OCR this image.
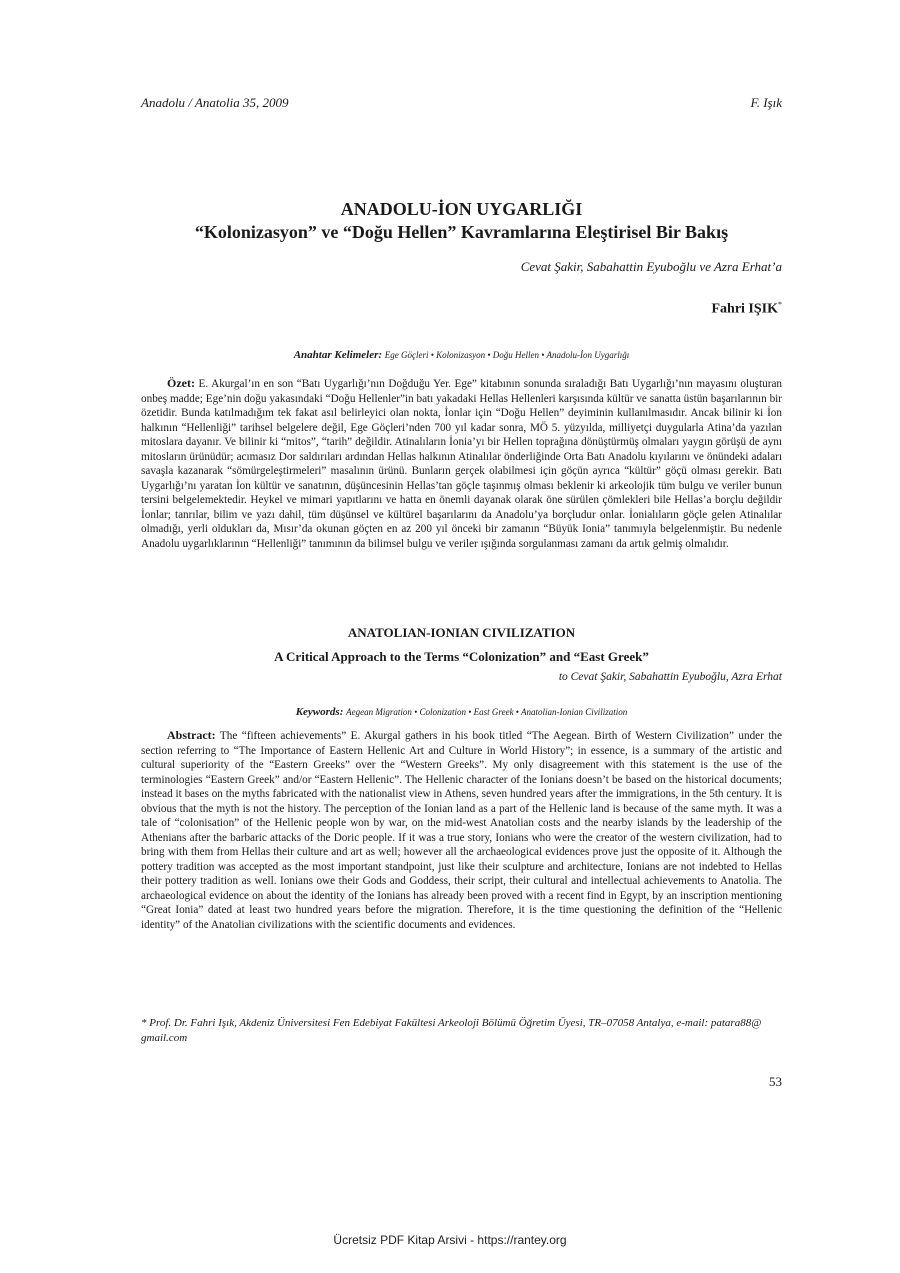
Anadolu / Anatolia 35, 2009	F. Işık

ANADOLU-İON UYGARLIĞI

“Kolonizasyon” ve “Doğu Hellen” Kavramlarına Eleştirisel Bir Bakış

Cevat Şakir, Sabahattin Eyuboğlu ve Azra Erhat’a
Fahri IŞIK*
Anahtar Kelimeler: Ege Göçleri • Kolonizasyon • Doğu Hellen • Anadolu-İon Uygarlığı

Özet: E. Akurgal’ın en son “Batı Uygarlığı’nın Doğduğu Yer. Ege” kitabının sonunda sıraladığı Batı Uygarlığı’nın mayasını oluşturan onbeş madde; Ege’nin doğu yakasındaki “Doğu Hellenler”in batı yakadaki Hellas Hellenleri karşısında kültür ve sanatta üstün başarılarının bir özetidir. Bunda katılmadığım tek fakat asıl belirleyici olan nokta, İonlar için “Doğu Hellen” deyiminin kullanılmasıdır. Ancak bilinir ki İon halkının “Hellenliği” tarihsel belgelere değil, Ege Göçleri’nden 700 yıl kadar sonra, MÖ 5. yüzyılda, milliyetçi duygularla Atina’da yazılan mitoslara dayanır. Ve bilinir ki “mitos”, “tarih” değildir. Atinalıların İonia’yı bir Hellen toprağına dönüştürmüş olmaları yaygın görüşü de aynı mitosların ürünüdür; acımasız Dor saldırıları ardından Hellas halkının Atinalılar önderliğinde Orta Batı Anadolu kıyılarını ve önündeki adaları savaşla kazanarak “sömürgeleştirmeleri” masalının ürünü. Bunların gerçek olabilmesi için göçün ayrıca “kültür” göçü olması gerekir. Batı Uygarlığı’nı yaratan İon kültür ve sanatının, düşüncesinin Hellas’tan göçle taşınmış olması beklenir ki arkeolojik tüm bulgu ve veriler bunun tersini belgelemektedir. Heykel ve mimari yapıtlarını ve hatta en önemli dayanak olarak öne sürülen çömlekleri bile Hellas’a borçlu değildir İonlar; tanrılar, bilim ve yazı dahil, tüm düşünsel ve kültürel başarılarını da Anadolu’ya borçludur onlar. İonialıların göçle gelen Atinalılar olmadığı, yerli oldukları da, Mısır’da okunan göçten en az 200 yıl önceki bir zamanın “Büyük Ionia” tanımıyla belgelenmiştir. Bu nedenle Anadolu uygarlıklarının “Hellenliği” tanımının da bilimsel bulgu ve veriler ışığında sorgulanması zamanı da artık gelmiş olmalıdır.

ANATOLIAN-IONIAN CIVILIZATION

A Critical Approach to the Terms “Colonization” and “East Greek”

to Cevat Şakir, Sabahattin Eyuboğlu, Azra Erhat
Keywords: Aegean Migration • Colonization • East Greek • Anatolian-Ionian Civilization

Abstract: The “fifteen achievements” E. Akurgal gathers in his book titled “The Aegean. Birth of Western Civilization” under the section referring to “The Importance of Eastern Hellenic Art and Culture in World History”; in essence, is a summary of the artistic and cultural superiority of the “Eastern Greeks” over the “Western Greeks”. My only disagreement with this statement is the use of the terminologies “Eastern Greek” and/or “Eastern Hellenic”. The Hellenic character of the Ionians doesn’t be based on the historical documents; instead it bases on the myths fabricated with the nationalist view in Athens, seven hundred years after the immigrations, in the 5th century. It is obvious that the myth is not the history. The perception of the Ionian land as a part of the Hellenic land is because of the same myth. It was a tale of “colonisation” of the Hellenic people won by war, on the mid-west Anatolian costs and the nearby islands by the leadership of the Athenians after the barbaric attacks of the Doric people. If it was a true story, Ionians who were the creator of the western civilization, had to bring with them from Hellas their culture and art as well; however all the archaeological evidences prove just the opposite of it. Although the pottery tradition was accepted as the most important standpoint, just like their sculpture and architecture, Ionians are not indebted to Hellas their pottery tradition as well. Ionians owe their Gods and Goddess, their script, their cultural and intellectual achievements to Anatolia. The archaeological evidence on about the identity of the Ionians has already been proved with a recent find in Egypt, by an inscription mentioning “Great Ionia” dated at least two hundred years before the migration. Therefore, it is the time questioning the definition of the “Hellenic identity” of the Anatolian civilizations with the scientific documents and evidences.

* Prof. Dr. Fahri Işık, Akdeniz Üniversitesi Fen Edebiyat Fakültesi Arkeoloji Bölümü Öğretim Üyesi, TR–07058 Antalya, e-mail: patara88@ gmail.com

53
Ücretsiz PDF Kitap Arsivi - https://rantey.org
